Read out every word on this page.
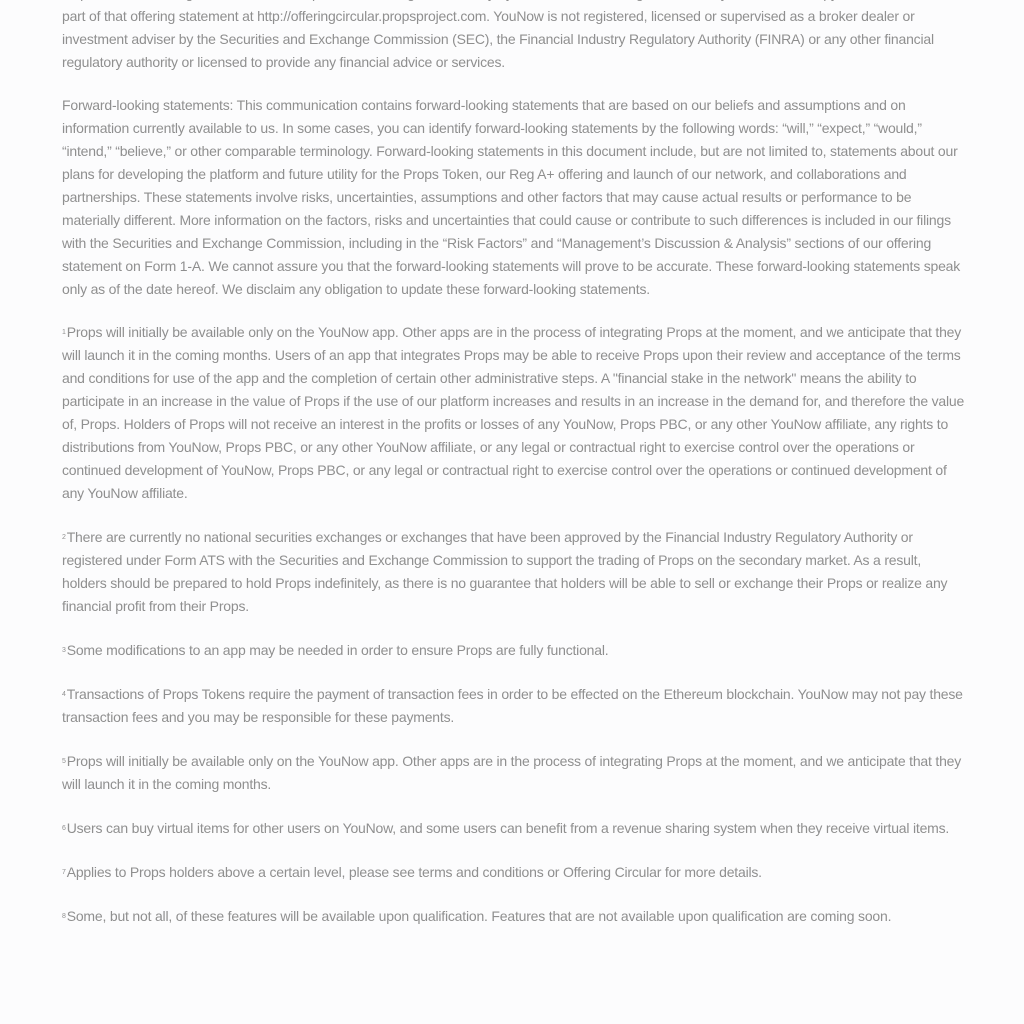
part of that offering statement at http://offeringcircular.propsproject.com. YouNow is not registered, licensed or supervised as a broker dealer or investment adviser by the Securities and Exchange Commission (SEC), the Financial Industry Regulatory Authority (FINRA) or any other financial regulatory authority or licensed to provide any financial advice or services.

Forward-looking statements: This communication contains forward-looking statements that are based on our beliefs and assumptions and on information currently available to us. In some cases, you can identify forward-looking statements by the following words: “will,” “expect,” “would,” “intend,” “believe,” or other comparable terminology. Forward-looking statements in this document include, but are not limited to, statements about our plans for developing the platform and future utility for the Props Token, our Reg A+ offering and launch of our network, and collaborations and partnerships. These statements involve risks, uncertainties, assumptions and other factors that may cause actual results or performance to be materially different. More information on the factors, risks and uncertainties that could cause or contribute to such differences is included in our filings with the Securities and Exchange Commission, including in the “Risk Factors” and “Management’s Discussion & Analysis” sections of our offering statement on Form 1-A. We cannot assure you that the forward-looking statements will prove to be accurate. These forward-looking statements speak only as of the date hereof. We disclaim any obligation to update these forward-looking statements.

$^1$Props will initially be available only on the YouNow app. Other apps are in the process of integrating Props at the moment, and we anticipate that they will launch it in the coming months. Users of an app that integrates Props may be able to receive Props upon their review and acceptance of the terms and conditions for use of the app and the completion of certain other administrative steps. A "financial stake in the network" means the ability to participate in an increase in the value of Props if the use of our platform increases and results in an increase in the demand for, and therefore the value of, Props. Holders of Props will not receive an interest in the profits or losses of any YouNow, Props PBC, or any other YouNow affiliate, any rights to distributions from YouNow, Props PBC, or any other YouNow affiliate, or any legal or contractual right to exercise control over the operations or continued development of YouNow, Props PBC, or any legal or contractual right to exercise control over the operations or continued development of any YouNow affiliate.

$^2$There are currently no national securities exchanges or exchanges that have been approved by the Financial Industry Regulatory Authority or registered under Form ATS with the Securities and Exchange Commission to support the trading of Props on the secondary market. As a result, holders should be prepared to hold Props indefinitely, as there is no guarantee that holders will be able to sell or exchange their Props or realize any financial profit from their Props.

$^3$Some modifications to an app may be needed in order to ensure Props are fully functional.

$^4$Transactions of Props Tokens require the payment of transaction fees in order to be effected on the Ethereum blockchain. YouNow may not pay these transaction fees and you may be responsible for these payments.

$^5$Props will initially be available only on the YouNow app. Other apps are in the process of integrating Props at the moment, and we anticipate that they will launch it in the coming months.

$^6$Users can buy virtual items for other users on YouNow, and some users can benefit from a revenue sharing system when they receive virtual items.

$^7$Applies to Props holders above a certain level, please see terms and conditions or Offering Circular for more details.

$^8$Some, but not all, of these features will be available upon qualification. Features that are not available upon qualification are coming soon.
